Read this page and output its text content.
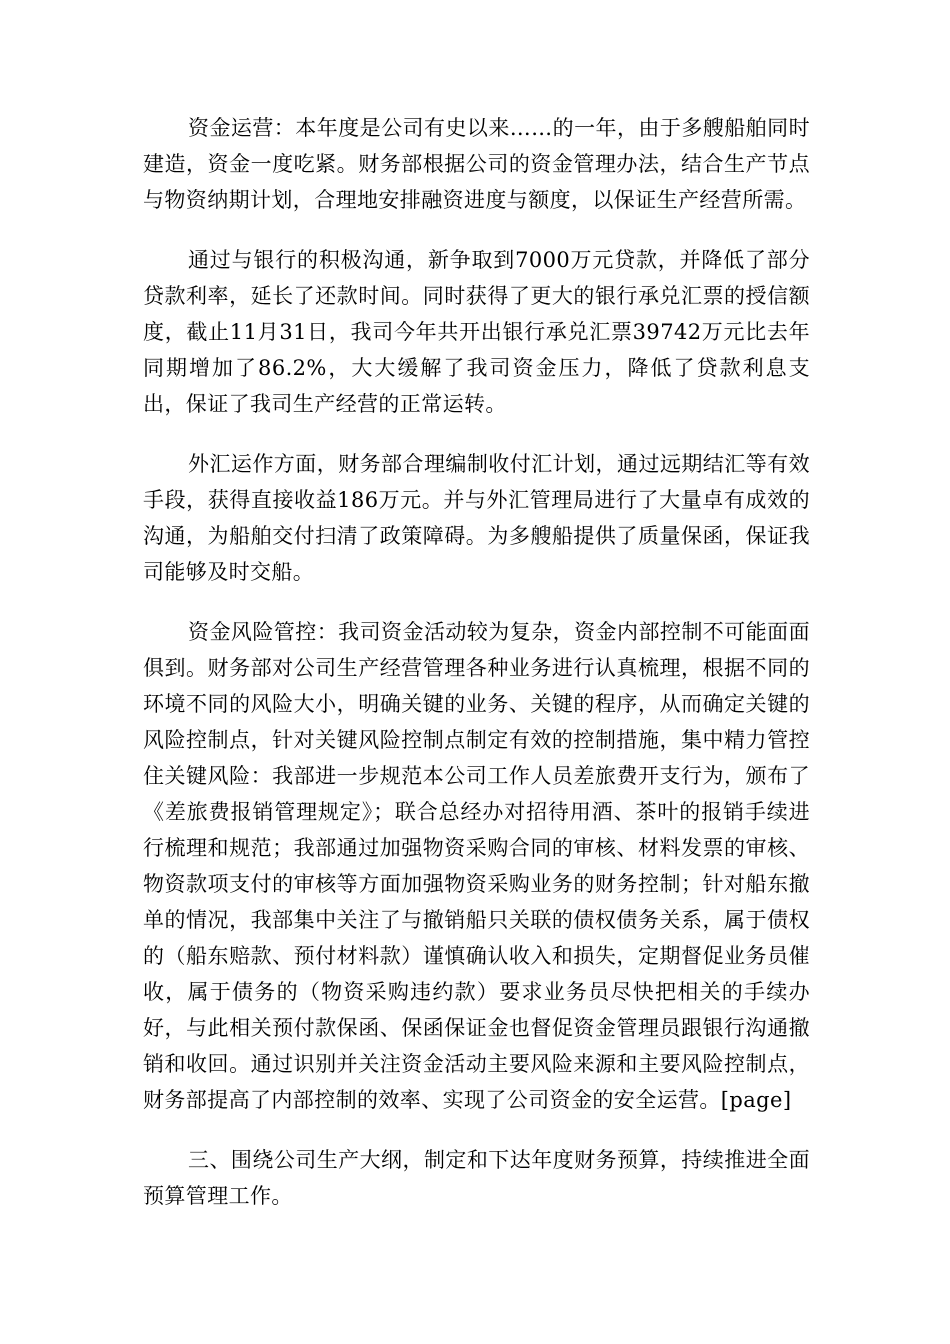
资金运营：本年度是公司有史以来……的一年，由于多艘船舶同时建造，资金一度吃紧。财务部根据公司的资金管理办法，结合生产节点与物资纳期计划，合理地安排融资进度与额度，以保证生产经营所需。

通过与银行的积极沟通，新争取到7000万元贷款，并降低了部分贷款利率，延长了还款时间。同时获得了更大的银行承兑汇票的授信额度，截止11月31日，我司今年共开出银行承兑汇票39742万元比去年同期增加了86.2%，大大缓解了我司资金压力，降低了贷款利息支出，保证了我司生产经营的正常运转。

外汇运作方面，财务部合理编制收付汇计划，通过远期结汇等有效手段，获得直接收益186万元。并与外汇管理局进行了大量卓有成效的沟通，为船舶交付扫清了政策障碍。为多艘船提供了质量保函，保证我司能够及时交船。

资金风险管控：我司资金活动较为复杂，资金内部控制不可能面面俱到。财务部对公司生产经营管理各种业务进行认真梳理，根据不同的环境不同的风险大小，明确关键的业务、关键的程序，从而确定关键的风险控制点，针对关键风险控制点制定有效的控制措施，集中精力管控住关键风险：我部进一步规范本公司工作人员差旅费开支行为，颁布了《差旅费报销管理规定》；联合总经办对招待用酒、茶叶的报销手续进行梳理和规范；我部通过加强物资采购合同的审核、材料发票的审核、物资款项支付的审核等方面加强物资采购业务的财务控制；针对船东撤单的情况，我部集中关注了与撤销船只关联的债权债务关系，属于债权的（船东赔款、预付材料款）谨慎确认收入和损失，定期督促业务员催收，属于债务的（物资采购违约款）要求业务员尽快把相关的手续办好，与此相关预付款保函、保函保证金也督促资金管理员跟银行沟通撤销和收回。通过识别并关注资金活动主要风险来源和主要风险控制点，财务部提高了内部控制的效率、实现了公司资金的安全运营。[page]

三、围绕公司生产大纲，制定和下达年度财务预算，持续推进全面预算管理工作。
